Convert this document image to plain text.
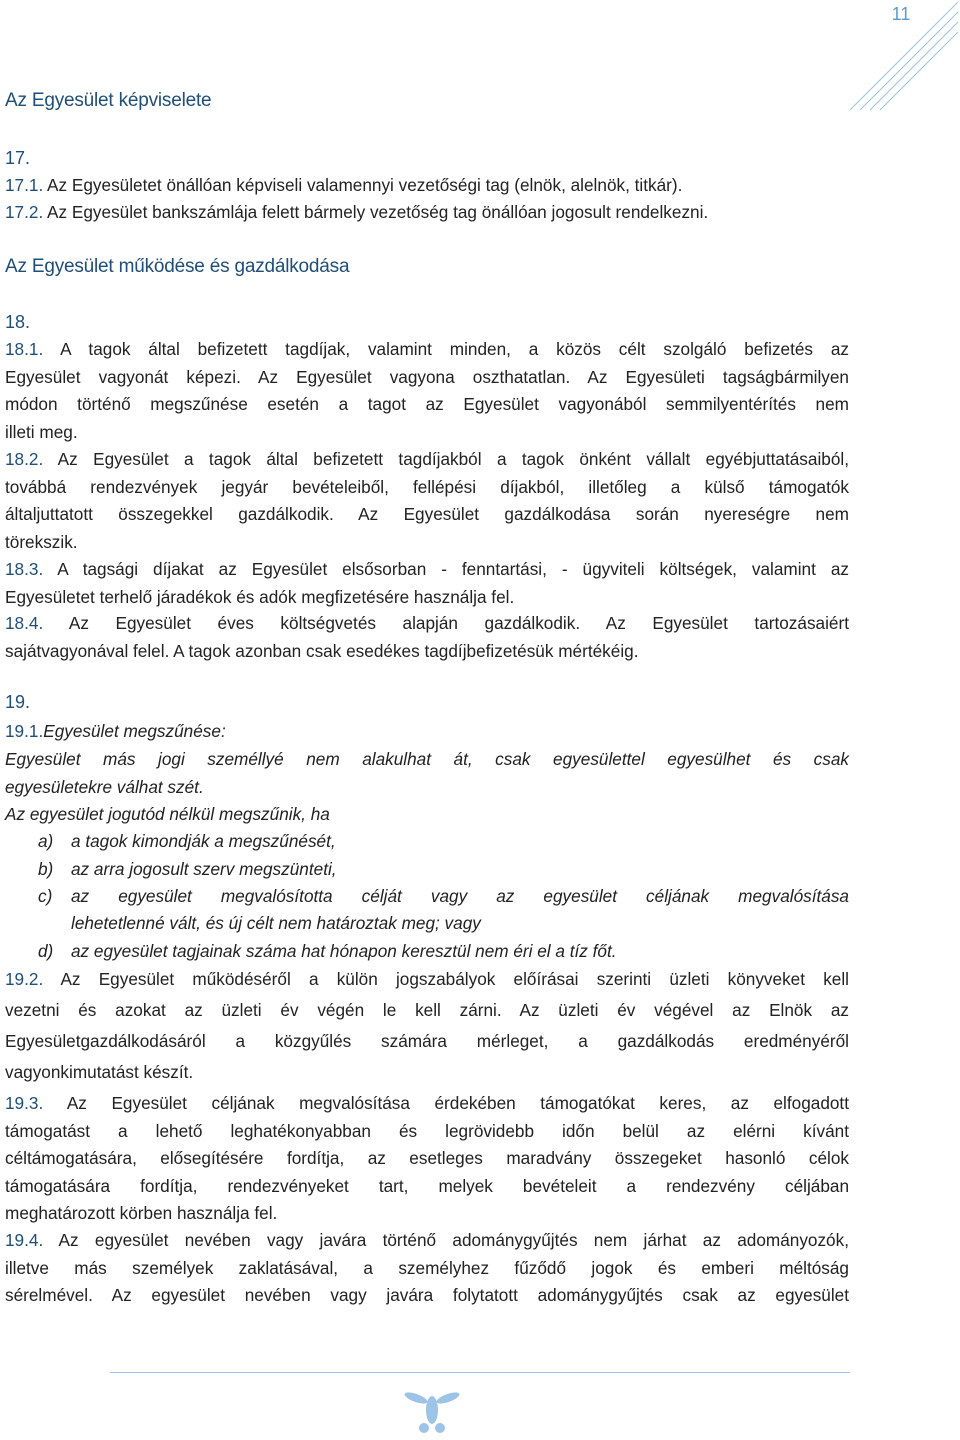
11
Az Egyesület képviselete
17.
17.1. Az Egyesületet önállóan képviseli valamennyi vezetőségi tag (elnök, alelnök, titkár).
17.2. Az Egyesület bankszámlája felett bármely vezetőség tag önállóan jogosult rendelkezni.
Az Egyesület működése és gazdálkodása
18.
18.1. A tagok által befizetett tagdíjak, valamint minden, a közös célt szolgáló befizetés az
Egyesület vagyonát képezi. Az Egyesület vagyona oszthatatlan. Az Egyesületi tagságbármilyen
módon történő megszűnése esetén a tagot az Egyesület vagyonából semmilyentérítés nem
illeti meg.
18.2. Az Egyesület a tagok által befizetett tagdíjakból a tagok önként vállalt egyébjuttatásaiból,
továbbá rendezvények jegyár bevételeiből, fellépési díjakból, illetőleg a külső támogatók
általjuttatott összegekkel gazdálkodik. Az Egyesület gazdálkodása során nyereségre nem
törekszik.
18.3. A tagsági díjakat az Egyesület elsősorban - fenntartási, - ügyviteli költségek, valamint az
Egyesületet terhelő járadékok és adók megfizetésére használja fel.
18.4. Az Egyesület éves költségvetés alapján gazdálkodik. Az Egyesület tartozásaiért
sajátvagyonával felel. A tagok azonban csak esedékes tagdíjbefizetésük mértékéig.
19.
19.1.Egyesület megszűnése:
Egyesület más jogi személlyé nem alakulhat át, csak egyesülettel egyesülhet és csak
egyesületekre válhat szét.
Az egyesület jogutód nélkül megszűnik, ha
a) a tagok kimondják a megszűnését,
b) az arra jogosult szerv megszünteti,
c) az egyesület megvalósította célját vagy az egyesület céljának megvalósítása
lehetetlenné vált, és új célt nem határoztak meg; vagy
d) az egyesület tagjainak száma hat hónapon keresztül nem éri el a tíz főt.
19.2. Az Egyesület működéséről a külön jogszabályok előírásai szerinti üzleti könyveket kell
vezetni és azokat az üzleti év végén le kell zárni. Az üzleti év végével az Elnök az
Egyesületgazdálkodásáról a közgyűlés számára mérleget, a gazdálkodás eredményéről
vagyonkimutatást készít.
19.3. Az Egyesület céljának megvalósítása érdekében támogatókat keres, az elfogadott
támogatást a lehető leghatékonyabban és legrövidebb időn belül az elérni kívánt
céltámogatására, elősegítésére fordítja, az esetleges maradvány összegeket hasonló célok
támogatására fordítja, rendezvényeket tart, melyek bevételeit a rendezvény céljában
meghatározott körben használja fel.
19.4. Az egyesület nevében vagy javára történő adománygyűjtés nem járhat az adományozók,
illetve más személyek zaklatásával, a személyhez fűződő jogok és emberi méltóság
sérelmével. Az egyesület nevében vagy javára folytatott adománygyűjtés csak az egyesület
